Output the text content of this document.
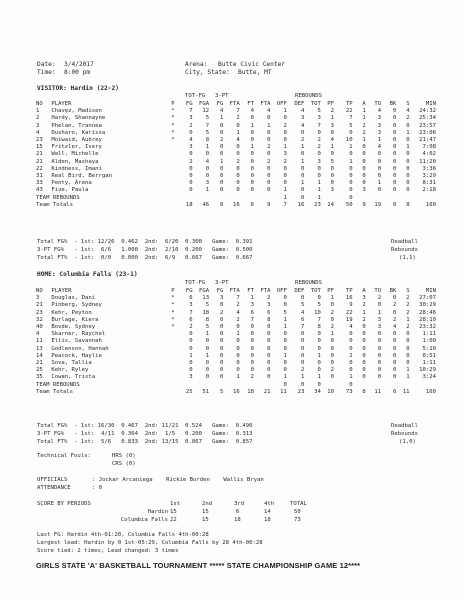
Date: 3/4/2017
Time: 8:00 pm
Arena: Butte Civic Center
City, State: Butte, MT
VISITOR: Hardin (22-2)
TOT-FG 3-PT	REBOUNDS
NO	PLAYER	P	FG	FGA	FG	FTA	FT	FTA	OFF	DEF	TOT	PF	TP	A	TO	BK	S	MIN
1	Chavez, Madisen	*	7	12	4	7	4	4	1	4	5	2	22	1	4	0	4	24:32
2	Hardy, Shannayne	*	3	5	1	2	0	0	0	3	3	1	7	1	3	0	2	25:34
3	Phelan, Trannea	*	2	7	0	0	1	1	2	4	7	3	5	2	3	0	0	23:57
4	Dusharo, Karissa	*	0	5	0	1	0	0	0	0	0	0	0	2	3	0	1	23:06
23	Moiwaid, Aubrey	*	4	8	2	4	0	0	0	2	2	4	10	1	1	0	0	21:47
15	Fritzler, Ivery		3	1	0	0	1	2	1	1	2	1	1	0	4	0	1	7:08
21	Wall, Michelle		0	0	0	0	0	0	3	0	0	0	0	0	0	0	0	4:02
21	Alden, Mashaya		2	4	1	2	0	2	2	1	3	5	1	0	0	0	0	11:20
22	Kindness, Imani		0	0	0	0	0	0	0	0	0	0	0	0	0	0	0	3:36
31	Real Bird, Berrgan		0	0	0	0	0	0	0	0	0	0	0	0	0	0	0	3:29
33	Penty, Arena		0	3	0	0	0	0	0	1	1	0	0	0	1	0	0	8:31
43	Five, Paula		0	1	0	0	0	0	1	0	1	3	0	3	0	0	0	2:18
TEAM REBOUNDS									1	0	1		0					
Team Totals			18	46	8	16	6	9	7	16	23	14	50	9	19	0	8	160
Total FG%  - 1st: 12/26  0.462  2nd:  6/20  0.300   Game:  0.391
3-PT FG%   - 1st:  6/6   1.000  2nd:  2/10  0.200   Game:  0.500
Total FT%  - 1st:  0/0   0.000  2nd:  6/9   0.667   Game:  0.667
Deadball
Rebounds
(1,1)
HOME: Columbia Falls (23-1)
TOT-FG 3-PT	REBOUNDS
NO	PLAYER	P	FG	FGA	FG	FTA	FT	FTA	OFF	DEF	TOT	PF	TP	A	TO	BK	S	MIN
3	Douglas, Dani	*	6	13	3	7	1	2	0	0	0	1	16	3	2	0	2	27:07
21	Pinberg, Sydney	*	3	5	0	2	3	3	0	5	5	0	9	2	0	2	2	30:29
23	Kehr, Peyton	*	7	18	2	4	6	6	5	4	10	2	22	1	1	0	2	28:46
32	Burlage, Kiera	*	6	8	0	2	7	8	1	6	7	0	19	2	3	2	1	28:10
40	Bovde, Sydney	*	2	5	0	0	0	0	1	7	8	2	4	0	3	4	2	23:32
4	Skarner, Raychel		0	1	0	1	0	0	0	0	0	1	0	0	0	0	0	1:11
11	Ellis, Savannah		0	0	0	0	0	0	0	0	0	0	0	0	0	0	0	1:00
13	Godlenson, Hannah		0	0	0	0	0	0	0	0	0	0	0	0	0	0	0	5:10
14	Peacock, Haylie		1	1	0	0	0	0	1	0	1	0	2	0	0	0	0	0:51
21	Sova, Tallia		0	0	0	0	0	0	0	0	0	0	0	0	0	0	0	1:11
25	Kehr, Ryley		0	0	0	0	0	0	0	2	0	2	0	0	0	0	1	10:29
35	Cowan, Trista		3	0	0	1	2	0	1	1	1	0	1	0	0	0	1	3:24
TEAM REBOUNDS									0	0	0		0					
Team Totals			25	51	5	16	18	21	11	23	34	10	73	8	11	6	11	160
Total FG%  - 1st: 16/30  0.467  2nd: 11/21  0.524   Game:  0.490
3-PT FG%   - 1st:  4/11  0.364  2nd:  1/5   0.200   Game:  0.313
Total FT%  - 1st:  5/6   0.833  2nd: 13/15  0.867   Game:  0.857
Deadball
Rebounds
(1,0)
Technical Fouls:	HRS (0)
CRS (0)
OFFICIALS	: Jockar Arcaniega    Rickie Borden    Wallis Bryan
ATTENDANCE	: 0
SCORE BY PERIODS	1st	2nd	3rd	4th	TOTAL
Hardin 15	15	6	14	50
Columbia Falls 22	15	18	18	73
Last FG: Hardin 4th-01:20, Columbia Falls 4th-00:28
Largest lead: Hardin by 0 1st-05:29, Columbia Falls by 28 4th-00:28
Score tied: 2 times, Lead changed: 3 times
GIRLS STATE 'A' BASKETBALL TOURNAMENT ***** STATE CHAMPIONSHIP GAME 12****
